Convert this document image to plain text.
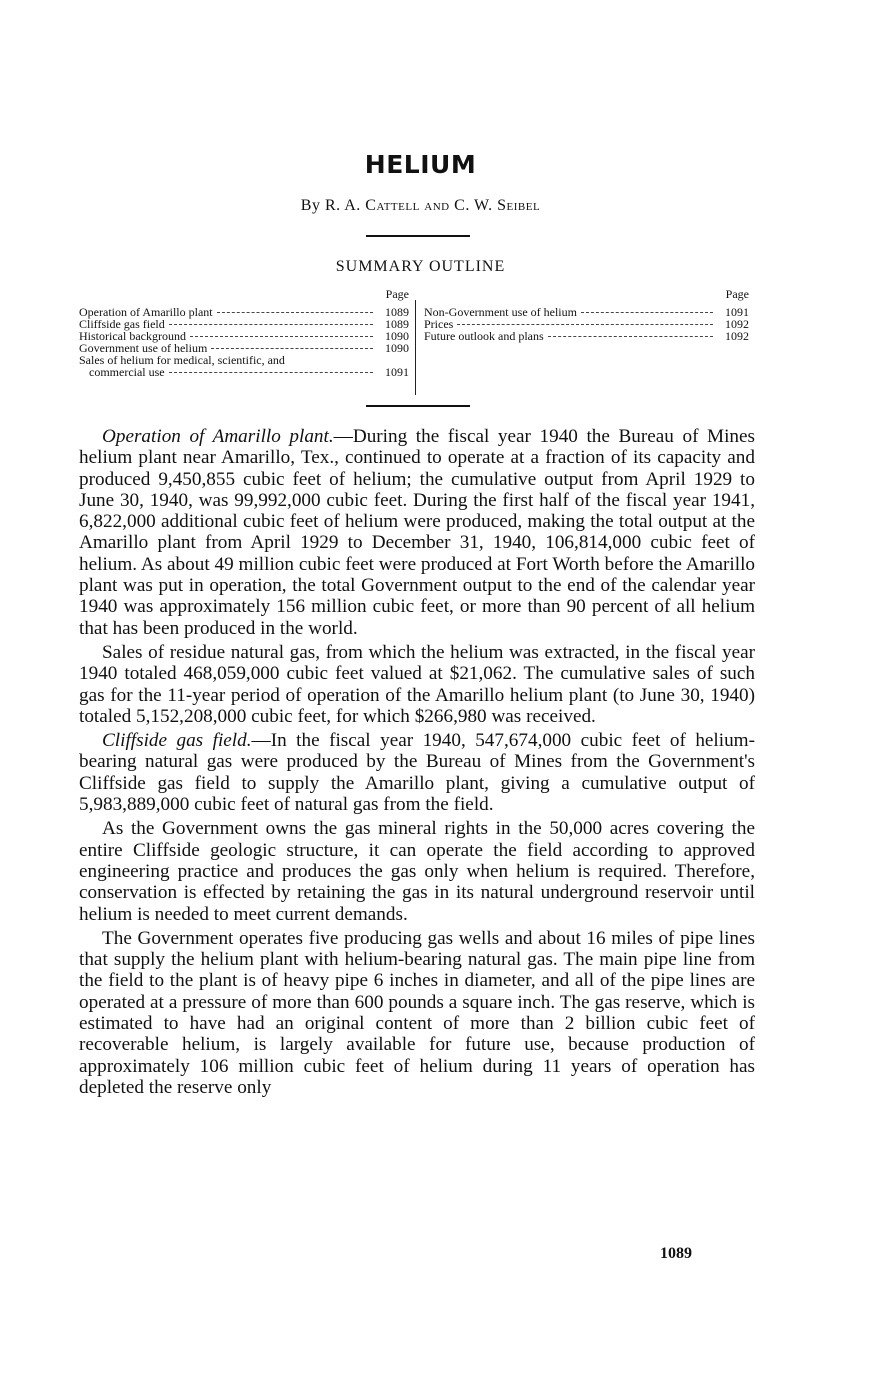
HELIUM
By R. A. Cattell and C. W. Seibel
SUMMARY OUTLINE
Page
Operation of Amarillo plant	1089
Cliffside gas field	1089
Historical background	1090
Government use of helium	1090
Sales of helium for medical, scientific, and
commercial use	1091
Page
Non-Government use of helium	1091
Prices	1092
Future outlook and plans	1092

Operation of Amarillo plant.—During the fiscal year 1940 the Bureau of Mines helium plant near Amarillo, Tex., continued to operate at a fraction of its capacity and produced 9,450,855 cubic feet of helium; the cumulative output from April 1929 to June 30, 1940, was 99,992,000 cubic feet. During the first half of the fiscal year 1941, 6,822,000 additional cubic feet of helium were produced, making the total output at the Amarillo plant from April 1929 to December 31, 1940, 106,814,000 cubic feet of helium. As about 49 million cubic feet were produced at Fort Worth before the Amarillo plant was put in operation, the total Government output to the end of the calendar year 1940 was approximately 156 million cubic feet, or more than 90 percent of all helium that has been produced in the world.

Sales of residue natural gas, from which the helium was extracted, in the fiscal year 1940 totaled 468,059,000 cubic feet valued at $21,062. The cumulative sales of such gas for the 11-year period of operation of the Amarillo helium plant (to June 30, 1940) totaled 5,152,208,000 cubic feet, for which $266,980 was received.

Cliffside gas field.—In the fiscal year 1940, 547,674,000 cubic feet of helium-bearing natural gas were produced by the Bureau of Mines from the Government's Cliffside gas field to supply the Amarillo plant, giving a cumulative output of 5,983,889,000 cubic feet of natural gas from the field.

As the Government owns the gas mineral rights in the 50,000 acres covering the entire Cliffside geologic structure, it can operate the field according to approved engineering practice and produces the gas only when helium is required. Therefore, conservation is effected by retaining the gas in its natural underground reservoir until helium is needed to meet current demands.

The Government operates five producing gas wells and about 16 miles of pipe lines that supply the helium plant with helium-bearing natural gas. The main pipe line from the field to the plant is of heavy pipe 6 inches in diameter, and all of the pipe lines are operated at a pressure of more than 600 pounds a square inch. The gas reserve, which is estimated to have had an original content of more than 2 billion cubic feet of recoverable helium, is largely available for future use, because production of approximately 106 million cubic feet of helium during 11 years of operation has depleted the reserve only

1089
